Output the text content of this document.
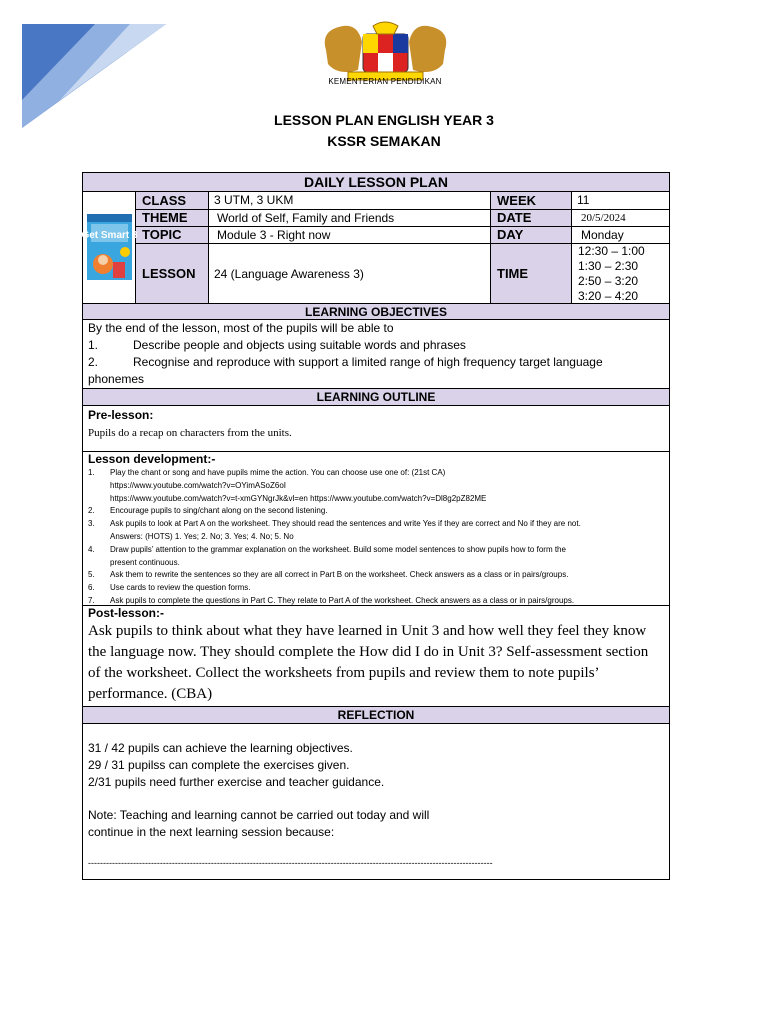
KEMENTERIAN PENDIDIKAN
LESSON PLAN ENGLISH YEAR 3
KSSR SEMAKAN
DAILY LESSON PLAN
CLASS	3 UTM, 3 UKM	WEEK	11
THEME	World of Self, Family and Friends	DATE	20/5/2024
TOPIC	Module 3 - Right now	DAY	Monday
LESSON	24 (Language Awareness 3)	TIME
12:30 – 1:00
1:30 – 2:30
2:50 – 3:20
3:20 – 4:20
LEARNING OBJECTIVES
By the end of the lesson, most of the pupils will be able to
1.	Describe people and objects using suitable words and phrases
2.	Recognise and reproduce with support a limited range of high frequency target language
phonemes
LEARNING OUTLINE
Pre-lesson:
Pupils do a recap on characters from the units.
Lesson development:-
1.	Play the chant or song and have pupils mime the action. You can choose use one of: (21st CA)
https://www.youtube.com/watch?v=OYimASoZ6oI
https://www.youtube.com/watch?v=t-xmGYNgrJk&vl=en https://www.youtube.com/watch?v=Dl8g2pZ82ME
2.	Encourage pupils to sing/chant along on the second listening.
3.	Ask pupils to look at Part A on the worksheet. They should read the sentences and write Yes if they are correct and No if they are not.
Answers: (HOTS) 1. Yes; 2. No; 3. Yes; 4. No; 5. No
4.	Draw pupils’ attention to the grammar explanation on the worksheet. Build some model sentences to show pupils how to form the
present continuous.
5.	Ask them to rewrite the sentences so they are all correct in Part B on the worksheet. Check answers as a class or in pairs/groups.
6.	Use cards to review the question forms.
7.	Ask pupils to complete the questions in Part C. They relate to Part A of the worksheet. Check answers as a class or in pairs/groups.
Post-lesson:-
Ask pupils to think about what they have learned in Unit 3 and how well they feel they know
the language now. They should complete the How did I do in Unit 3? Self-assessment section
of the worksheet. Collect the worksheets from pupils and review them to note pupils’
performance. (CBA)
REFLECTION
31 / 42 pupils can achieve the learning objectives.
29 / 31 pupilss can complete the exercises given.
2/31 pupils need further exercise and teacher guidance.
Note: Teaching and learning cannot be carried out today and will
continue in the next learning session because:
---------------------------------------------------------------------------------------------------------------------------------------
Get Smart 3
